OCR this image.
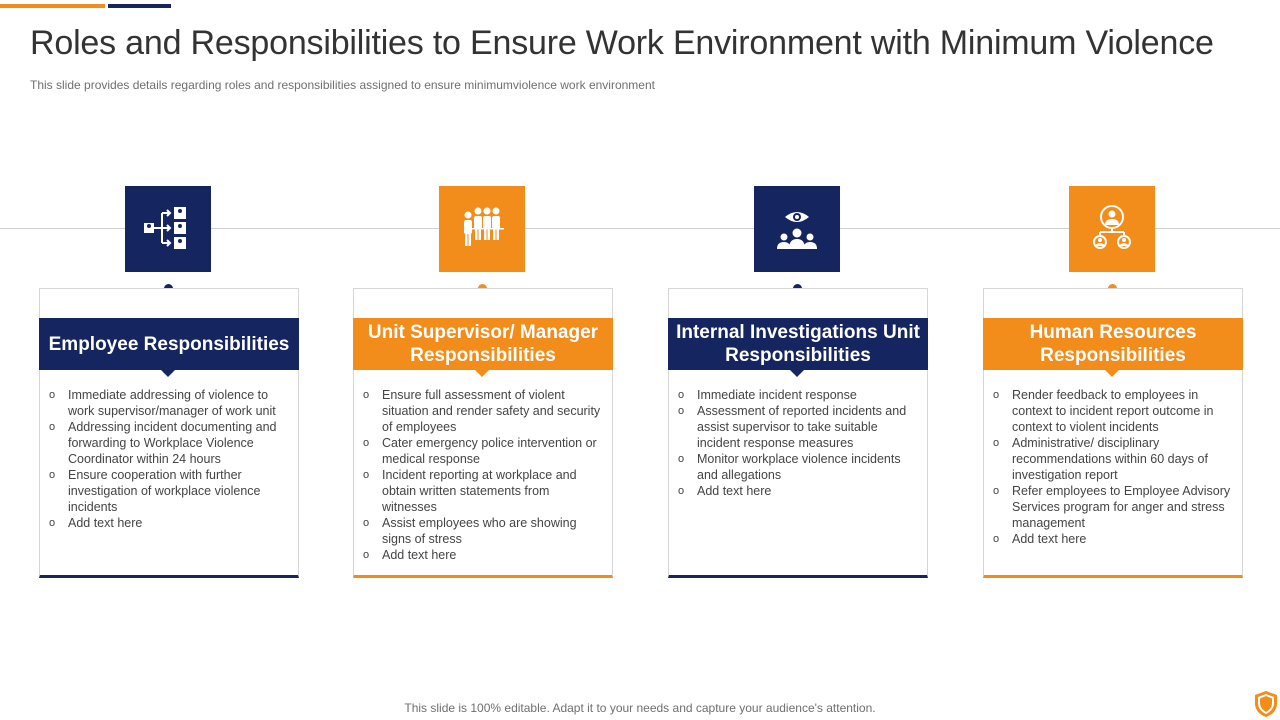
Roles and Responsibilities to Ensure Work Environment with Minimum Violence

This slide provides details regarding roles and responsibilities assigned to ensure minimumviolence work environment

Employee Responsibilities
o Immediate addressing of violence to work supervisor/manager of work unit
o Addressing incident documenting and forwarding to Workplace Violence Coordinator within 24 hours
o Ensure cooperation with further investigation of workplace violence incidents
o Add text here
Unit Supervisor/ Manager Responsibilities
o Ensure full assessment of violent situation and render safety and security of employees
o Cater emergency police intervention or medical response
o Incident reporting at workplace and obtain written statements from witnesses
o Assist employees who are showing signs of stress
o Add text here
Internal Investigations Unit Responsibilities
o Immediate incident response
o Assessment of reported incidents and assist supervisor to take suitable incident response measures
o Monitor workplace violence incidents and allegations
o Add text here
Human Resources Responsibilities
o Render feedback to employees in context to incident report outcome in context to violent incidents
o Administrative/ disciplinary recommendations within 60 days of investigation report
o Refer employees to Employee Advisory Services program for anger and stress management
o Add text here

This slide is 100% editable. Adapt it to your needs and capture your audience's attention.
